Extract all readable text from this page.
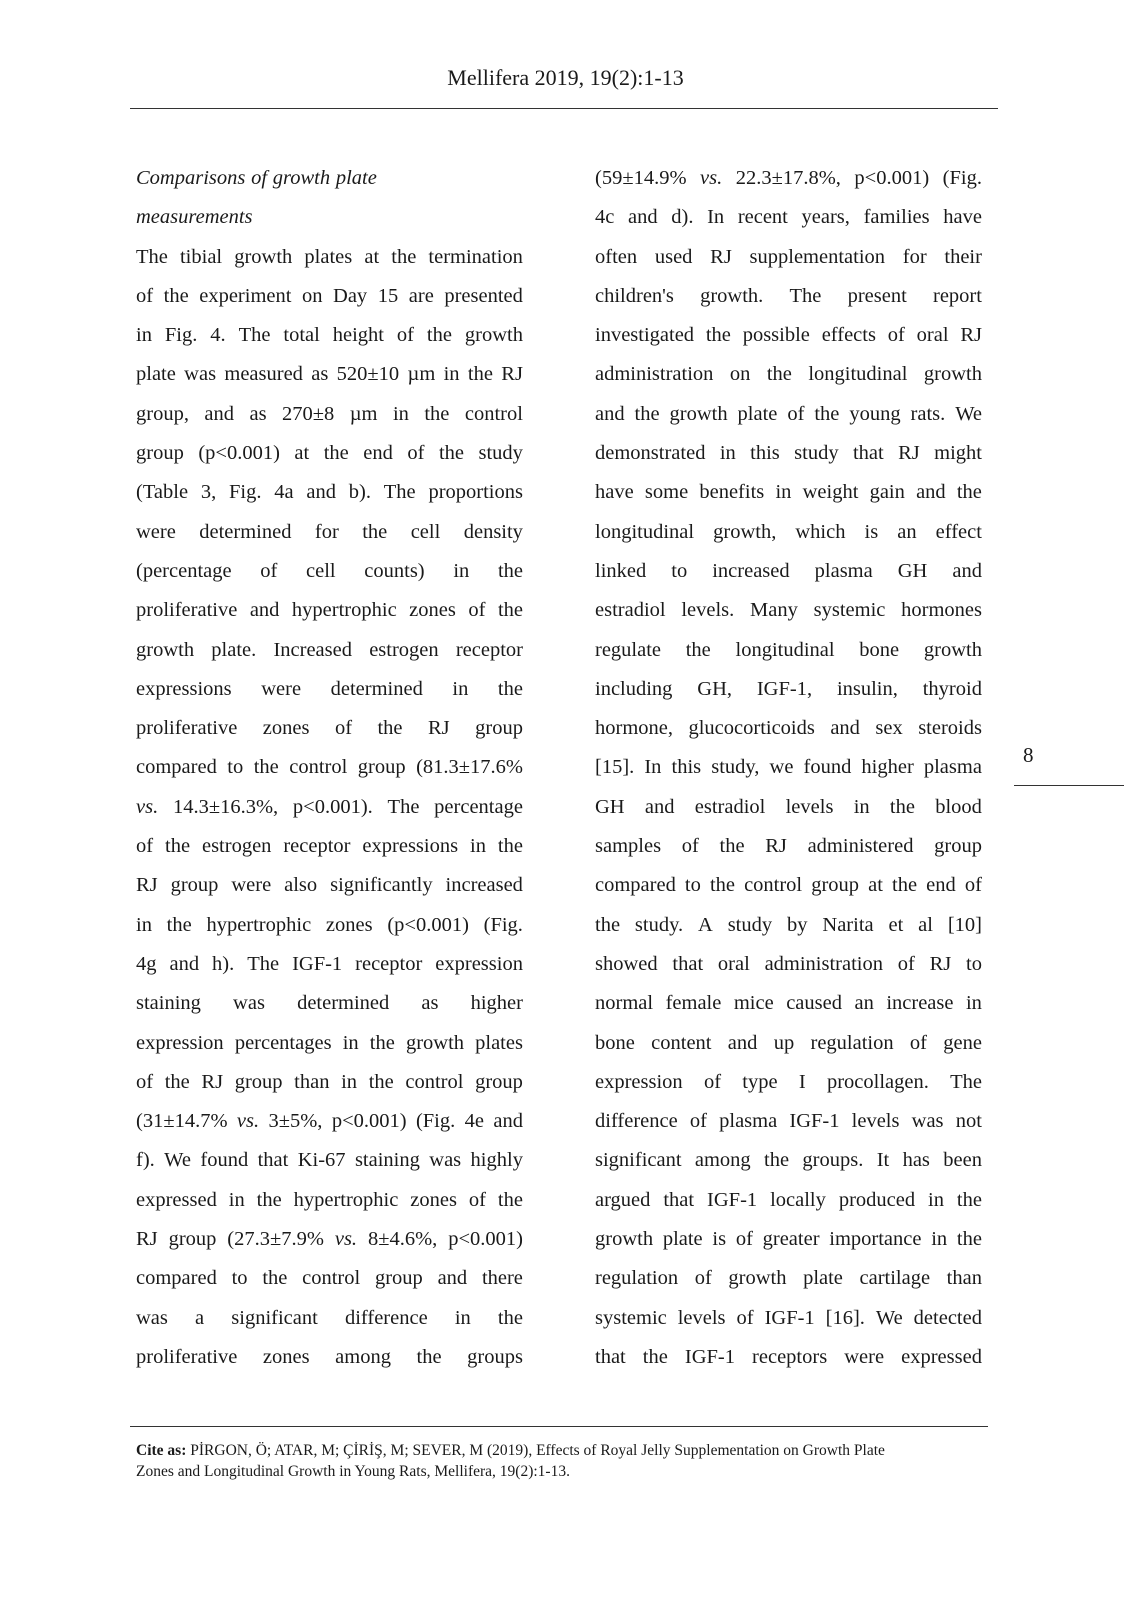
Mellifera 2019, 19(2):1-13
Comparisons of growth plate
measurements
The tibial growth plates at the termination
of the experiment on Day 15 are presented
in Fig. 4. The total height of the growth
plate was measured as 520±10 µm in the RJ
group, and as 270±8 µm in the control
group (p<0.001) at the end of the study
(Table 3, Fig. 4a and b). The proportions
were determined for the cell density
(percentage of cell counts) in the
proliferative and hypertrophic zones of the
growth plate. Increased estrogen receptor
expressions were determined in the
proliferative zones of the RJ group
compared to the control group (81.3±17.6%
vs. 14.3±16.3%, p<0.001). The percentage
of the estrogen receptor expressions in the
RJ group were also significantly increased
in the hypertrophic zones (p<0.001) (Fig.
4g and h). The IGF-1 receptor expression
staining was determined as higher
expression percentages in the growth plates
of the RJ group than in the control group
(31±14.7% vs. 3±5%, p<0.001) (Fig. 4e and
f). We found that Ki-67 staining was highly
expressed in the hypertrophic zones of the
RJ group (27.3±7.9% vs. 8±4.6%, p<0.001)
compared to the control group and there
was a significant difference in the
proliferative zones among the groups
(59±14.9% vs. 22.3±17.8%, p<0.001) (Fig.
4c and d). In recent years, families have
often used RJ supplementation for their
children's growth. The present report
investigated the possible effects of oral RJ
administration on the longitudinal growth
and the growth plate of the young rats. We
demonstrated in this study that RJ might
have some benefits in weight gain and the
longitudinal growth, which is an effect
linked to increased plasma GH and
estradiol levels. Many systemic hormones
regulate the longitudinal bone growth
including GH, IGF-1, insulin, thyroid
hormone, glucocorticoids and sex steroids
[15]. In this study, we found higher plasma
GH and estradiol levels in the blood
samples of the RJ administered group
compared to the control group at the end of
the study. A study by Narita et al [10]
showed that oral administration of RJ to
normal female mice caused an increase in
bone content and up regulation of gene
expression of type I procollagen. The
difference of plasma IGF-1 levels was not
significant among the groups. It has been
argued that IGF-1 locally produced in the
growth plate is of greater importance in the
regulation of growth plate cartilage than
systemic levels of IGF-1 [16]. We detected
that the IGF-1 receptors were expressed
8
Cite as: PİRGON, Ö; ATAR, M; ÇİRİŞ, M; SEVER, M (2019), Effects of Royal Jelly Supplementation on Growth Plate
Zones and Longitudinal Growth in Young Rats, Mellifera, 19(2):1-13.
